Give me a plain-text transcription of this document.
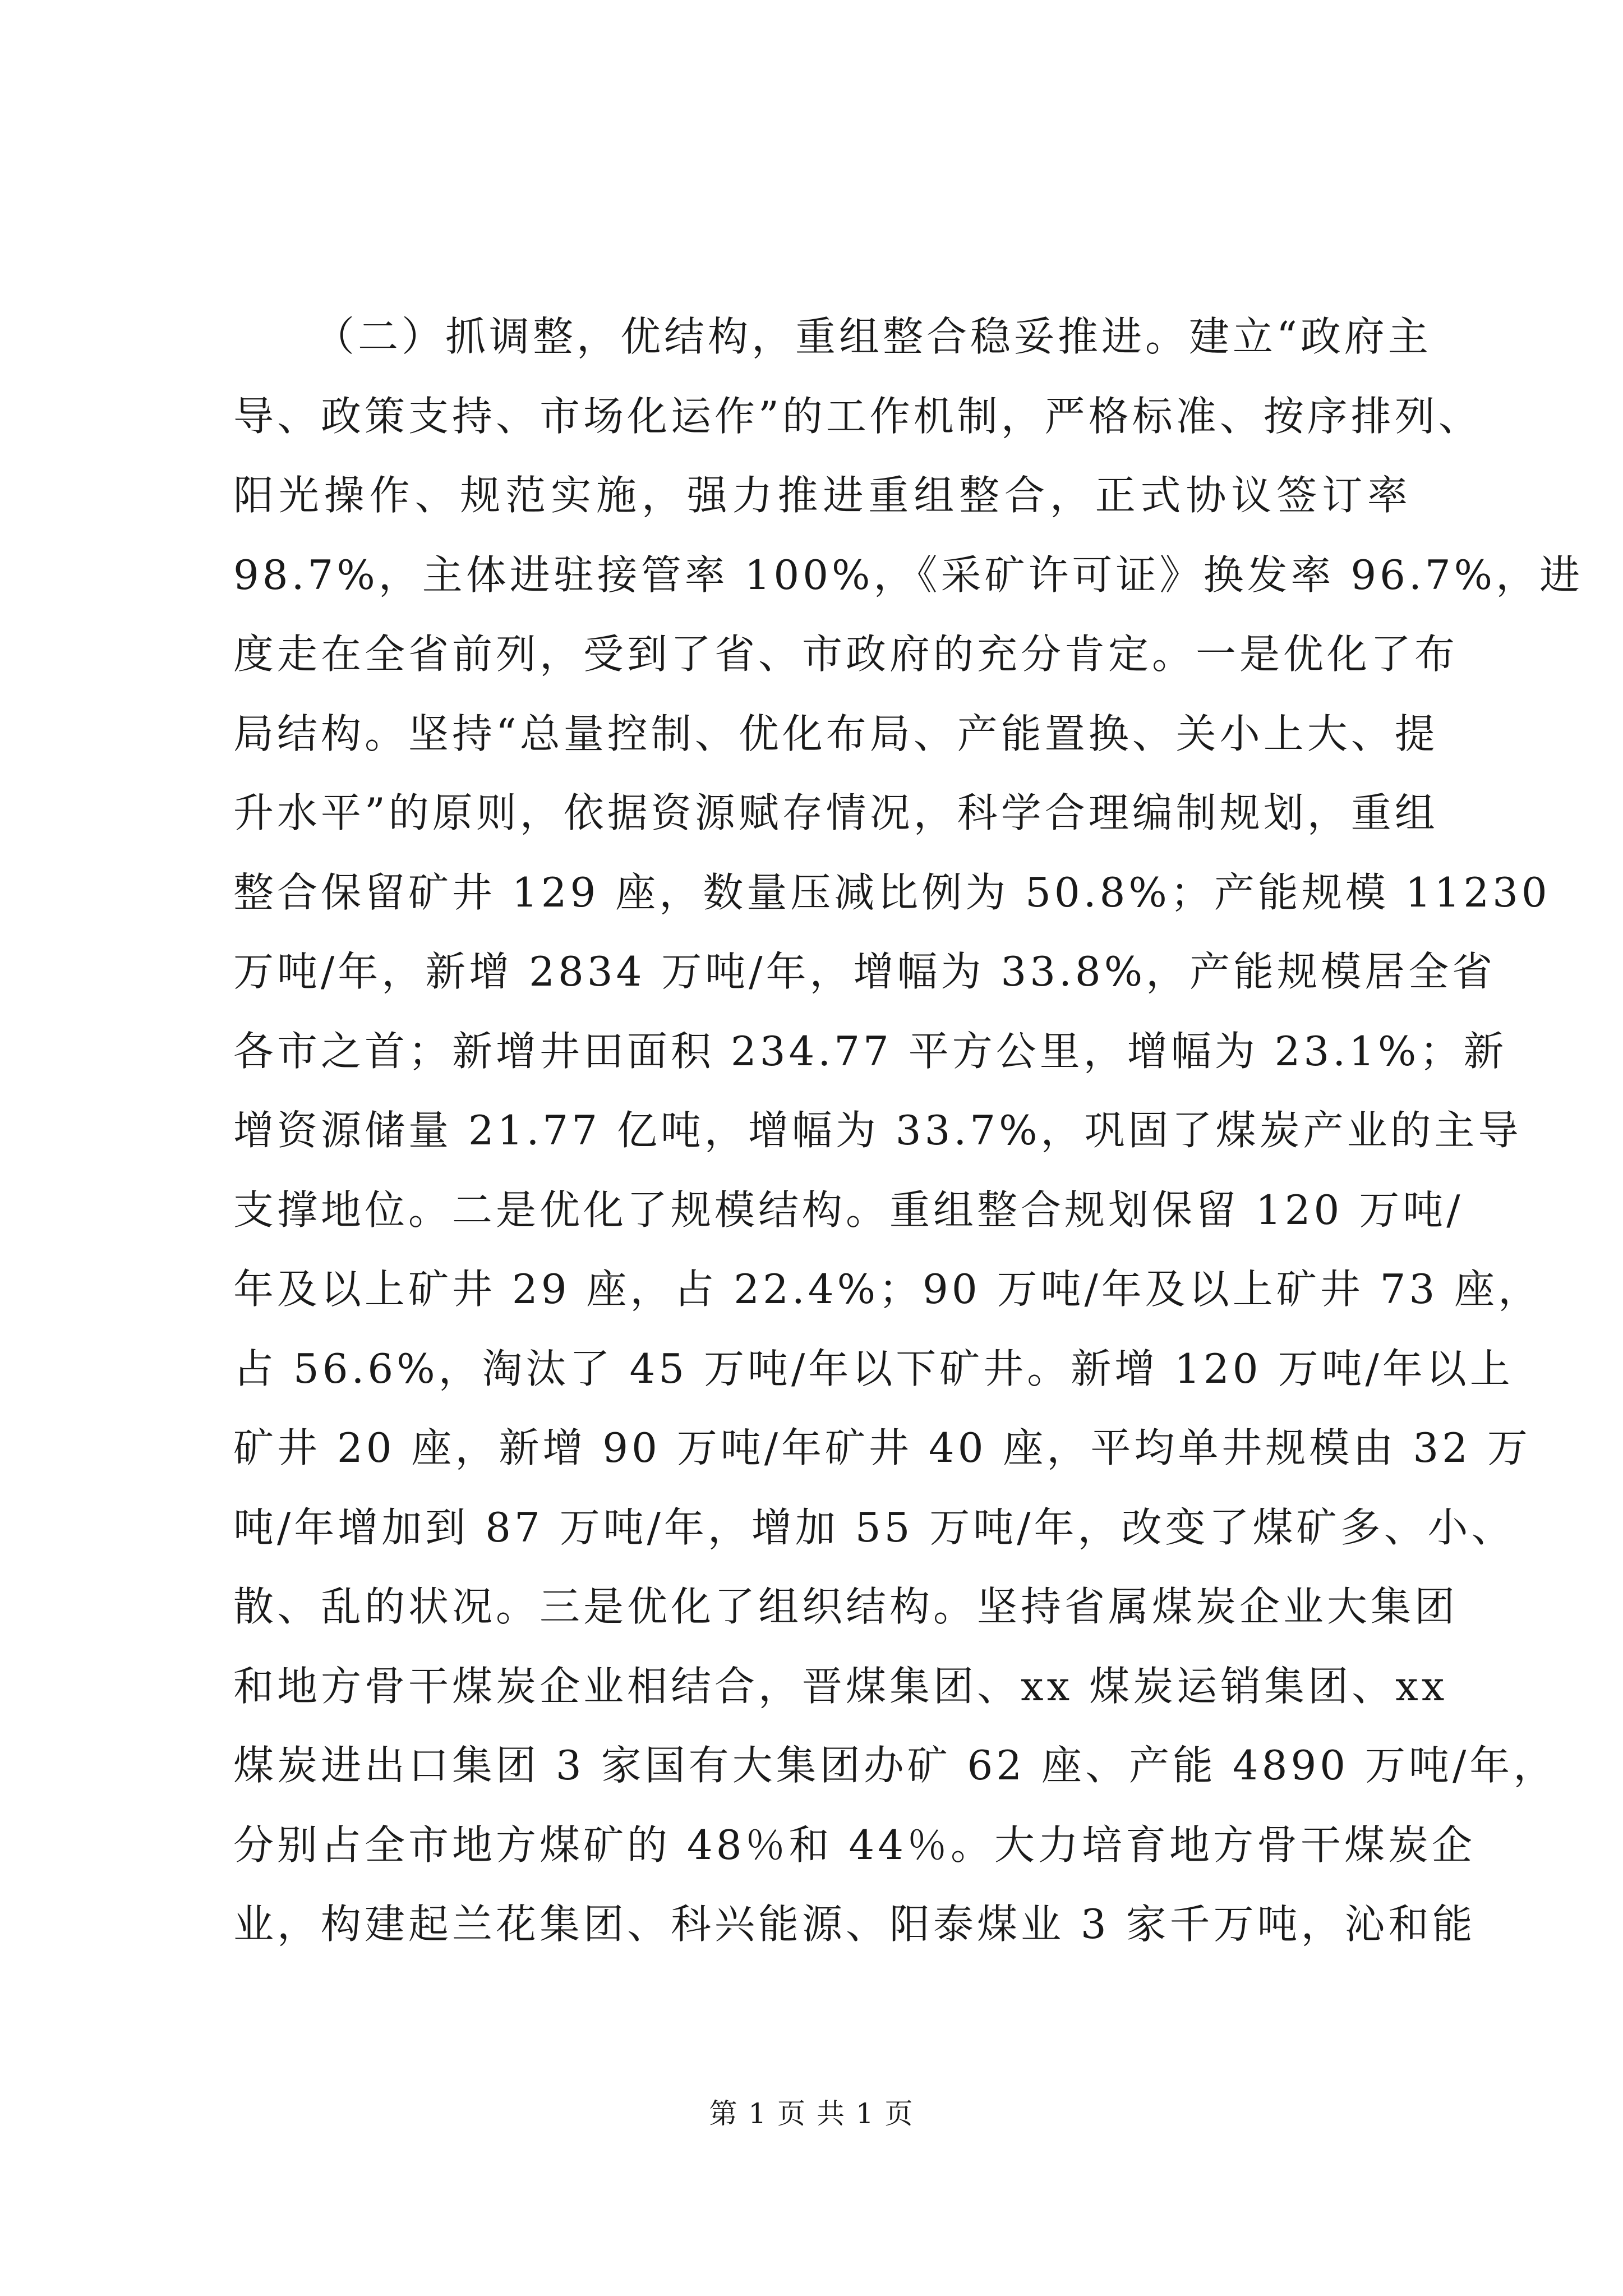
（二）抓调整，优结构，重组整合稳妥推进。建立“政府主
导、政策支持、市场化运作”的工作机制，严格标准、按序排列、
阳光操作、规范实施，强力推进重组整合，正式协议签订率
98.7%，主体进驻接管率 100%，《采矿许可证》换发率 96.7%，进
度走在全省前列，受到了省、市政府的充分肯定。一是优化了布
局结构。坚持“总量控制、优化布局、产能置换、关小上大、提
升水平”的原则，依据资源赋存情况，科学合理编制规划，重组
整合保留矿井 129 座，数量压减比例为 50.8%；产能规模 11230
万吨/年，新增 2834 万吨/年，增幅为 33.8%，产能规模居全省
各市之首；新增井田面积 234.77 平方公里，增幅为 23.1%；新
增资源储量 21.77 亿吨，增幅为 33.7%，巩固了煤炭产业的主导
支撑地位。二是优化了规模结构。重组整合规划保留 120 万吨/
年及以上矿井 29 座，占 22.4%；90 万吨/年及以上矿井 73 座，
占 56.6%，淘汰了 45 万吨/年以下矿井。新增 120 万吨/年以上
矿井 20 座，新增 90 万吨/年矿井 40 座，平均单井规模由 32 万
吨/年增加到 87 万吨/年，增加 55 万吨/年，改变了煤矿多、小、
散、乱的状况。三是优化了组织结构。坚持省属煤炭企业大集团
和地方骨干煤炭企业相结合，晋煤集团、xx 煤炭运销集团、xx
煤炭进出口集团 3 家国有大集团办矿 62 座、产能 4890 万吨/年，
分别占全市地方煤矿的 48％和 44％。大力培育地方骨干煤炭企
业，构建起兰花集团、科兴能源、阳泰煤业 3 家千万吨，沁和能
第 1 页 共 1 页
